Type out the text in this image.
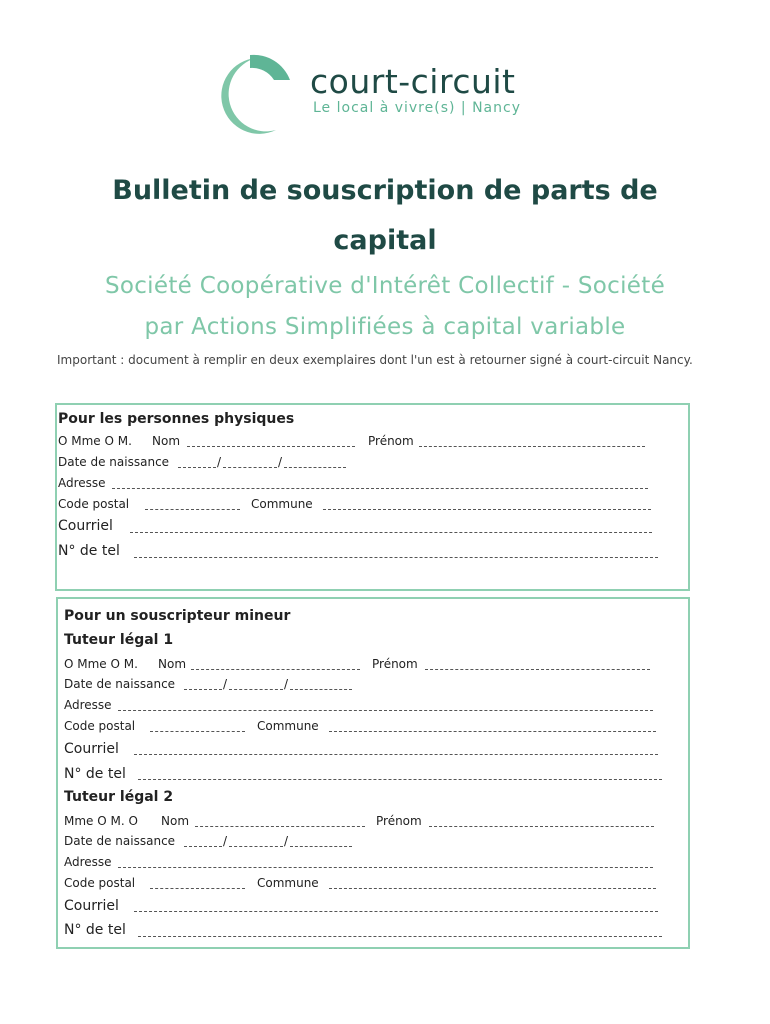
court-circuit
Le local à vivre(s) | Nancy
Bulletin de souscription de parts de
capital
Société Coopérative d'Intérêt Collectif - Société
par Actions Simplifiées à capital variable
Important : document à remplir en deux exemplaires dont l'un est à retourner signé à court-circuit Nancy.
Pour les personnes physiques
O Mme O M. Nom	Prénom
Date de naissance	/	/
Adresse
Code postal	Commune
Courriel
N° de tel
Pour un souscripteur mineur
Tuteur légal 1
O Mme O M. Nom	Prénom
Date de naissance	/	/
Adresse
Code postal	Commune
Courriel
N° de tel
Tuteur légal 2
Mme O M. O Nom	Prénom
Date de naissance	/	/
Adresse
Code postal	Commune
Courriel
N° de tel
